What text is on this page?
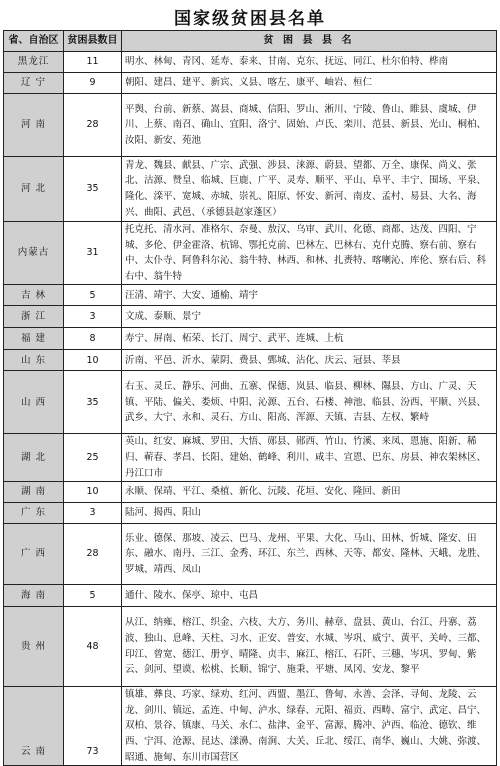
国家级贫困县名单
省、自治区	贫困县数目	贫 困 县 县 名
黑龙江	11	明水、林甸、青冈、延寿、泰来、甘南、克东、抚远、同江、杜尔伯特、桦南
辽 宁	9	朝阳、建昌、建平、新宾、义县、喀左、康平、岫岩、桓仁
河 南	28	平舆、台前、新蔡、嵩县、商城、信阳、罗山、淅川、宁陵、鲁山、睢县、虞城、伊川、上蔡、南召、确山、宜阳、洛宁、固始、卢氏、栾川、范县、新县、光山、桐柏、汝阳、新安、苑池
河 北	35	青龙、魏县、献县、广宗、武强、涉县、涞源、蔚县、望都、万全、康保、尚义、张北、沽源、赞皇、临城、巨鹿、广平、灵寿、顺平、平山、阜平、丰宁、围场、平泉、隆化、滦平、宽城、赤城、崇礼、阳原、怀安、新河、南皮、孟村、易县、大名、海兴、曲阳、武邑、（承德县赵家蓬区）
内蒙古	31	托克托、清水河、准格尔、奈曼、敖汉、乌审、武川、化德、商都、达茂、四阳、宁城、多伦、伊金霍洛、杭锦、鄂托克前、巴林左、巴林右、克什克腾、察右前、察右中、太仆寺、阿鲁科尔沁、翁牛特、林西、和林、扎赉特、喀喇沁、库伦、察右后、科右中、翁牛特
吉 林	5	汪清、靖宇、大安、通榆、靖宇
浙 江	3	文成、泰顺、景宁
福 建	8	寿宁、屏南、柘荣、长汀、周宁、武平、连城、上杭
山 东	10	沂南、平邑、沂水、蒙阴、费县、鄄城、沾化、庆云、冠县、莘县
山 西	35	右玉、灵丘、静乐、河曲、五寨、保德、岚县、临县、柳林、隰县、方山、广灵、天镇、平陆、偏关、娄烦、中阳、沁源、五台、石楼、神池、临县、汾西、平顺、兴县、武乡、大宁、永和、灵石、方山、阳高、浑源、天镇、吉县、左权、繁峙
湖 北	25	英山、红安、麻城、罗田、大悟、郧县、郧西、竹山、竹溪、来凤、恩施、阳新、稀归、蕲春、孝昌、长阳、建始、鹤峰、利川、咸丰、宣恩、巴东、房县、神农架林区、丹江口市
湖 南	10	永顺、保靖、平江、桑植、新化、沅陵、花垣、安化、隆回、新田
广 东	3	陆河、揭西、阳山
广 西	28	乐业、德保、那坡、凌云、巴马、龙州、平果、大化、马山、田林、忻城、隆安、田东、融水、南丹、三江、金秀、环江、东兰、西林、天等、都安、隆林、天峨、龙胜、罗城、靖西、凤山
海 南	5	通什、陵水、保亭、琼中、屯昌
贵 州	48	从江、纳雍、榕江、织金、六枝、大方、务川、赫章、盘县、黄山、台江、丹寨、荔波、独山、息峰、天柱、习水、正安、普安、水城、岑巩、威宁、黄平、关岭、三都、印江、曾宽、德江、册亨、晴隆、贞丰、麻江、榕江、石阡、三穗、岑巩、罗甸、紫云、剑河、望谟、松桃、长顺、锦宁、施秉、平塘、凤冈、安龙、黎平
云 南	73	镇雄、彝良、巧家、绿劝、红河、西盟、墨江、鲁甸、永善、会泽、寻甸、龙陵、云龙、剑川、镇远、孟连、中甸、泸水、绿春、元阳、福贡、西畴、富宁、武定、昌宁、双柏、景谷、镇康、马关、永仁、盐津、金平、富源、腾冲、泸西、临沧、德钦、维西、宁洱、沧源、昆达、漾濞、南涧、大关、丘北、绥江、南华、巍山、大姚、弥渡、昭通、施甸、东川市国营区
